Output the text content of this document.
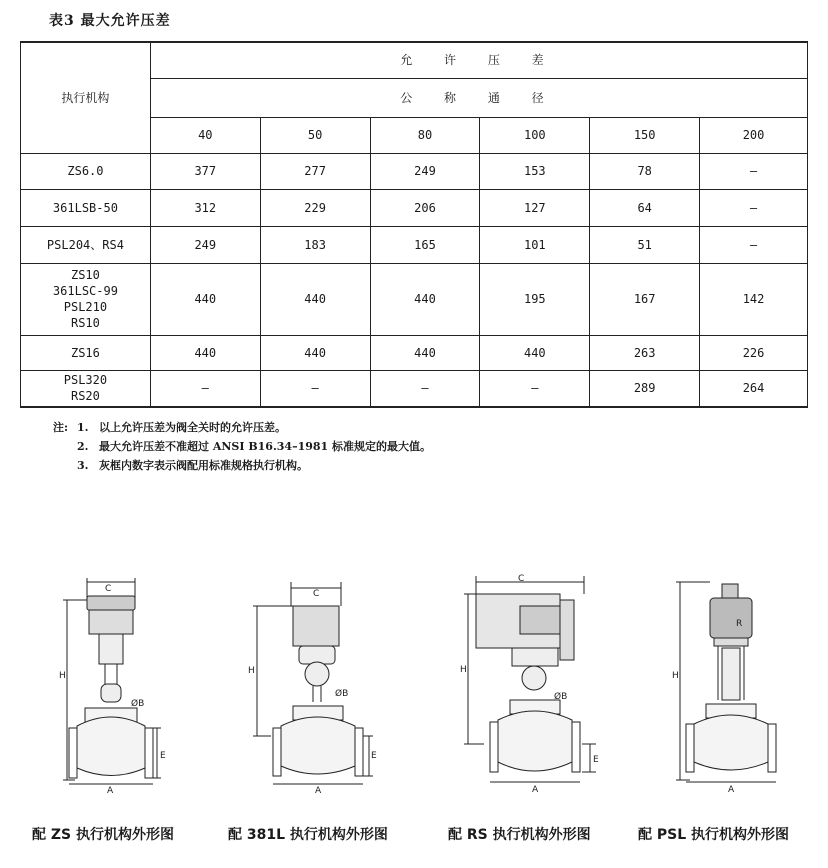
表3 最大允许压差
执行机构	允 许 压 差					
	公 称 通 径					
	40	50	80	100	150	200
ZS6.0	377	277	249	153	78	—
361LSB-50	312	229	206	127	64	—
PSL204、RS4	249	183	165	101	51	—

ZS10
361LSC-99
PSL210
RS10	440	440	440	195	167	142
ZS16	440	440	440	440	263	226

PSL320
RS20	—	—	—	—	289	264
注: 1. 以上允许压差为阀全关时的允许压差。
2. 最大允许压差不准超过 ANSI B16.34–1981 标准规定的最大值。
3. 灰框内数字表示阀配用标准规格执行机构。
C
H
ØB
E
A
C
H
ØB
E
A
C
H
ØB
E
A
R
H
A
配 ZS 执行机构外形图	配 381L 执行机构外形图	配 RS 执行机构外形图	配 PSL 执行机构外形图
